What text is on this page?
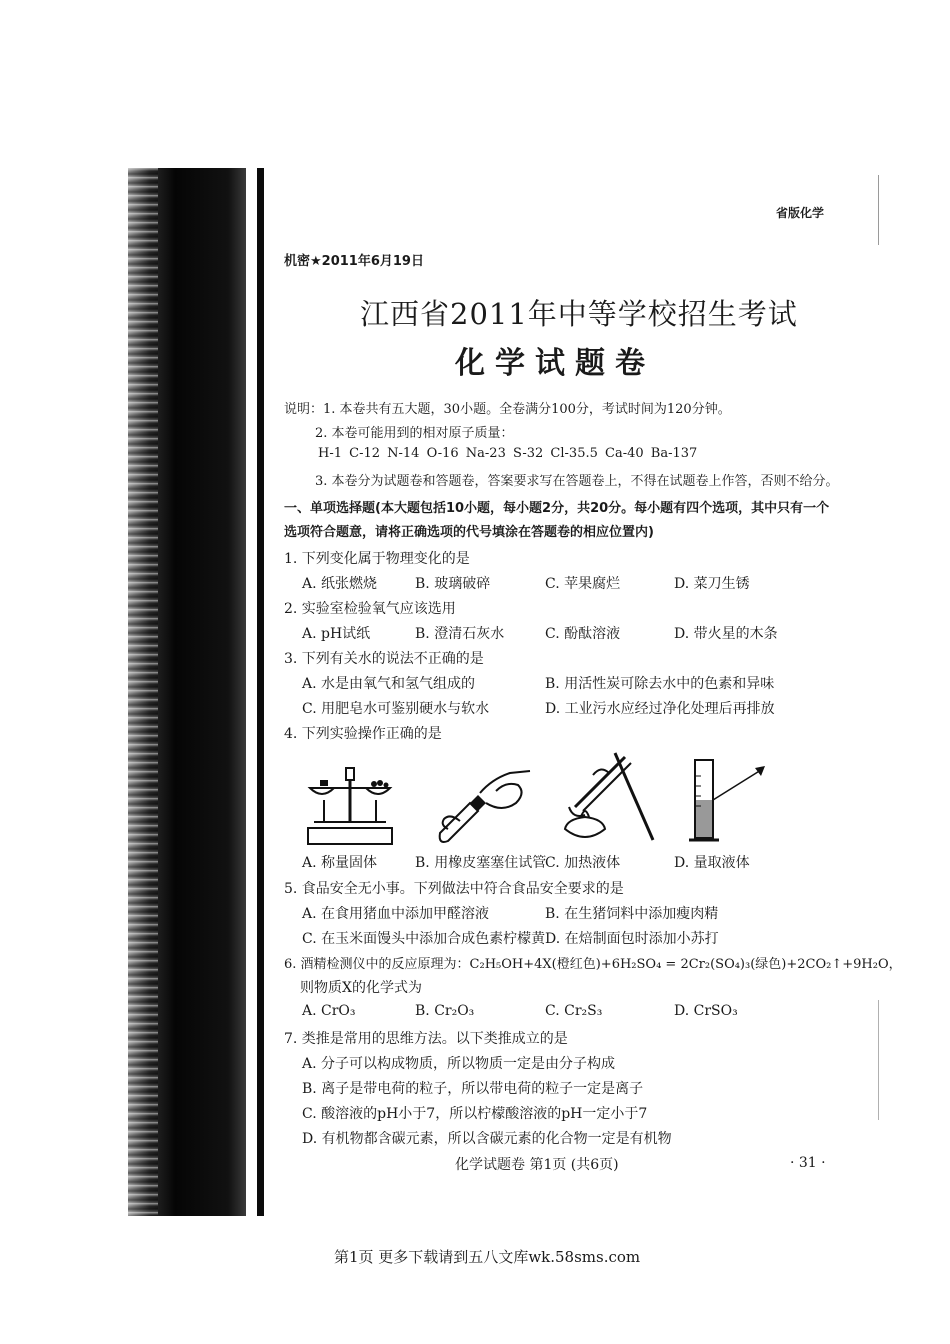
省版化学
机密★2011年6月19日
江西省2011年中等学校招生考试
化学试题卷
说明：1. 本卷共有五大题，30小题。全卷满分100分，考试时间为120分钟。
2. 本卷可能用到的相对原子质量：
H-1 C-12 N-14 O-16 Na-23 S-32 Cl-35.5 Ca-40 Ba-137
3. 本卷分为试题卷和答题卷，答案要求写在答题卷上，不得在试题卷上作答，否则不给分。
一、单项选择题(本大题包括10小题，每小题2分，共20分。每小题有四个选项，其中只有一个
选项符合题意，请将正确选项的代号填涂在答题卷的相应位置内)
1. 下列变化属于物理变化的是
A. 纸张燃烧	B. 玻璃破碎	C. 苹果腐烂	D. 菜刀生锈
2. 实验室检验氧气应该选用
A. pH试纸	B. 澄清石灰水	C. 酚酞溶液	D. 带火星的木条
3. 下列有关水的说法不正确的是
A. 水是由氧气和氢气组成的	B. 用活性炭可除去水中的色素和异味
C. 用肥皂水可鉴别硬水与软水	D. 工业污水应经过净化处理后再排放
4. 下列实验操作正确的是
A. 称量固体	B. 用橡皮塞塞住试管
C. 加热液体	D. 量取液体
5. 食品安全无小事。下列做法中符合食品安全要求的是
A. 在食用猪血中添加甲醛溶液	B. 在生猪饲料中添加瘦肉精
C. 在玉米面馒头中添加合成色素柠檬黄 D. 在焙制面包时添加小苏打
6. 酒精检测仪中的反应原理为：C₂H₅OH+4X(橙红色)+6H₂SO₄ = 2Cr₂(SO₄)₃(绿色)+2CO₂↑+9H₂O，
则物质X的化学式为
A. CrO₃	B. Cr₂O₃	C. Cr₂S₃	D. CrSO₃
7. 类推是常用的思维方法。以下类推成立的是
A. 分子可以构成物质，所以物质一定是由分子构成
B. 离子是带电荷的粒子，所以带电荷的粒子一定是离子
C. 酸溶液的pH小于7，所以柠檬酸溶液的pH一定小于7
D. 有机物都含碳元素，所以含碳元素的化合物一定是有机物
化学试题卷 第1页 (共6页)	· 31 ·
第1页 更多下载请到五八文库wk.58sms.com
